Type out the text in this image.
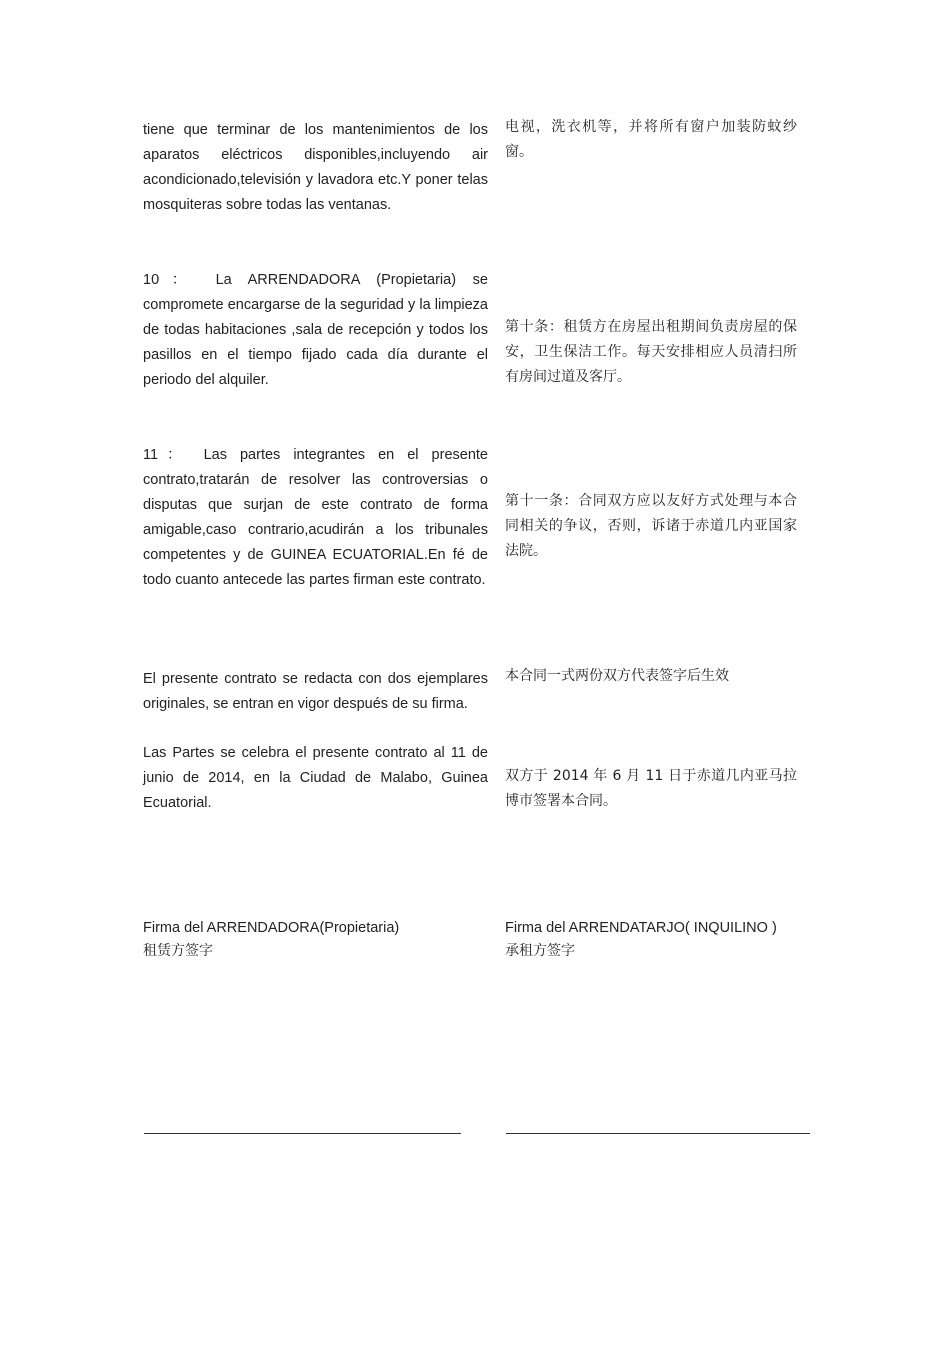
tiene que terminar de los mantenimientos de los aparatos eléctricos disponibles,incluyendo air acondicionado,televisión y lavadora etc.Y poner telas mosquiteras sobre todas las ventanas.

电视，洗衣机等，并将所有窗户加装防蚊纱窗。

10： La ARRENDADORA (Propietaria) se compromete encargarse de la seguridad y la limpieza de todas habitaciones ,sala de recepción y todos los pasillos en el tiempo fijado cada día durante el periodo del alquiler.

第十条：租赁方在房屋出租期间负责房屋的保安，卫生保洁工作。每天安排相应人员清扫所有房间过道及客厅。

11： Las partes integrantes en el presente contrato,tratarán de resolver las controversias o disputas que surjan de este contrato de forma amigable,caso contrario,acudirán a los tribunales competentes y de GUINEA ECUATORIAL.En fé de todo cuanto antecede las partes firman este contrato.

第十一条：合同双方应以友好方式处理与本合同相关的争议，否则，诉诸于赤道几内亚国家法院。

El presente contrato se redacta con dos ejemplares originales, se entran en vigor después de su firma.

本合同一式两份双方代表签字后生效

Las Partes se celebra el presente contrato al 11 de junio de 2014, en la Ciudad de Malabo, Guinea Ecuatorial.

双方于 2014 年 6 月 11 日于赤道几内亚马拉博市签署本合同。

Firma del ARRENDADORA(Propietaria)
租赁方签字
Firma del ARRENDATARJO( INQUILINO )
承租方签字
